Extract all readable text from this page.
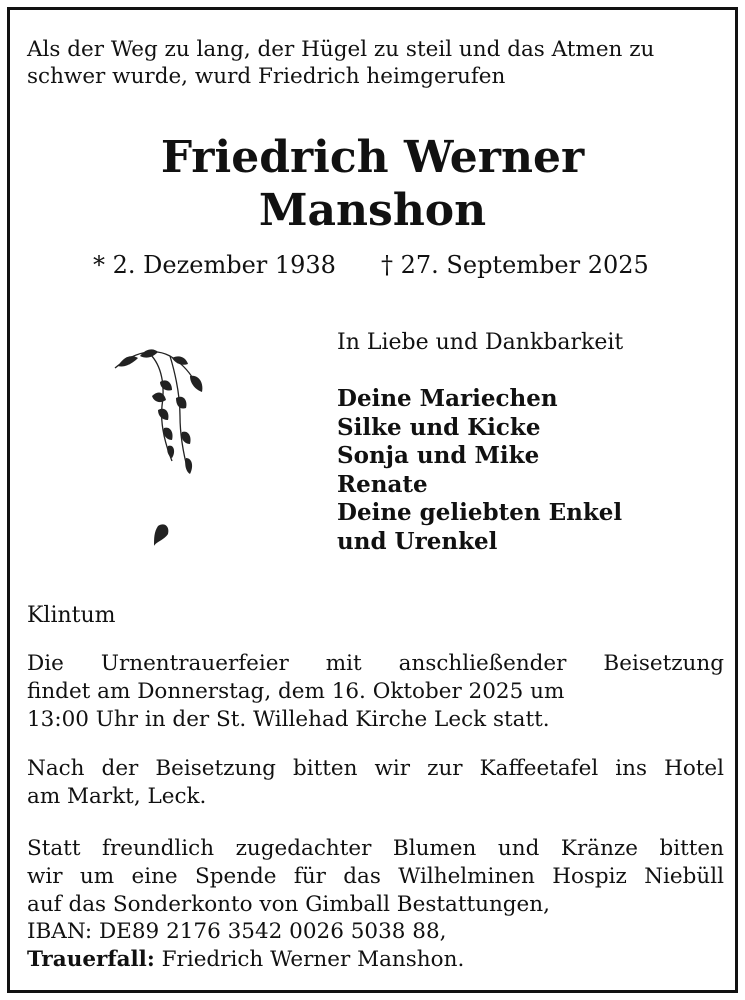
Als der Weg zu lang, der Hügel zu steil und das Atmen zu
schwer wurde, wurd Friedrich heimgerufen

Friedrich Werner
Manshon
* 2. Dezember 1938 † 27. September 2025

In Liebe und Dankbarkeit

Deine Mariechen
Silke und Kicke
Sonja und Mike
Renate
Deine geliebten Enkel
und Urenkel

Klintum

Die Urnentrauerfeier mit anschließender Beisetzung
findet am Donnerstag, dem 16. Oktober 2025 um
13:00 Uhr in der St. Willehad Kirche Leck statt.

Nach der Beisetzung bitten wir zur Kaffeetafel ins Hotel
am Markt, Leck.

Statt freundlich zugedachter Blumen und Kränze bitten
wir um eine Spende für das Wilhelminen Hospiz Niebüll
auf das Sonderkonto von Gimball Bestattungen,
IBAN: DE89 2176 3542 0026 5038 88,
Trauerfall: Friedrich Werner Manshon.
